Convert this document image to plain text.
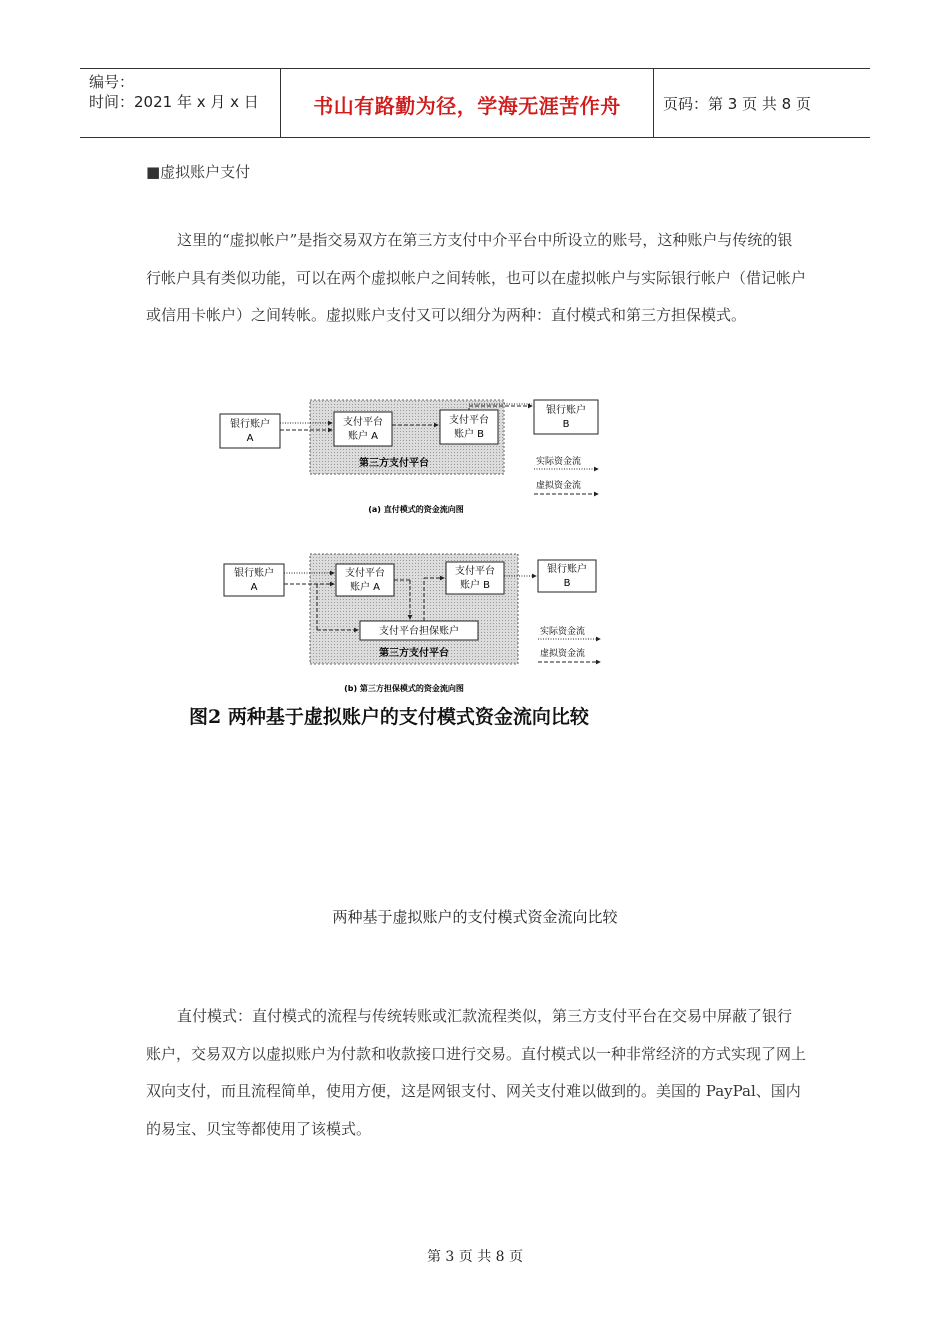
编号：
时间：2021 年 x 月 x 日	书山有路勤为径，学海无涯苦作舟	页码：第 3 页 共 8 页
■虚拟账户支付

这里的“虚拟帐户”是指交易双方在第三方支付中介平台中所设立的账号，这种账户与传统的银行帐户具有类似功能，可以在两个虚拟帐户之间转帐，也可以在虚拟帐户与实际银行帐户（借记帐户或信用卡帐户）之间转帐。虚拟账户支付又可以细分为两种：直付模式和第三方担保模式。

银行账户
A
支付平台
账户 A
支付平台
账户 B
银行账户
B
第三方支付平台	实际资金流
虚拟资金流
(a) 直付模式的资金流向图
银行账户
A
支付平台
账户 A
支付平台
账户 B
银行账户
B
支付平台担保账户
第三方支付平台
实际资金流
虚拟资金流
(b) 第三方担保模式的资金流向图
图2 两种基于虚拟账户的支付模式资金流向比较
两种基于虚拟账户的支付模式资金流向比较

直付模式：直付模式的流程与传统转账或汇款流程类似，第三方支付平台在交易中屏蔽了银行账户，交易双方以虚拟账户为付款和收款接口进行交易。直付模式以一种非常经济的方式实现了网上双向支付，而且流程简单，使用方便，这是网银支付、网关支付难以做到的。美国的 PayPal、国内的易宝、贝宝等都使用了该模式。

第 3 页 共 8 页
